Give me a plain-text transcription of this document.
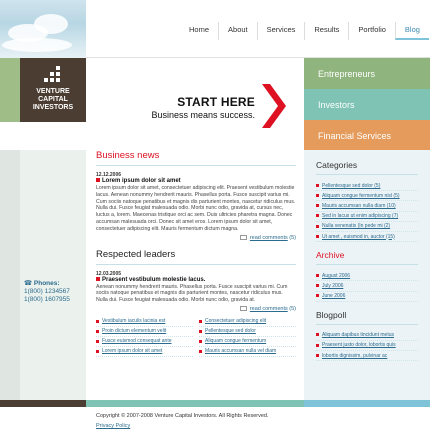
VENTURE CAPITAL INVESTORS
Home	About	Services	Results	Portfolio	Blog
START HERE
Business means success.
Entrepreneurs
Investors
Financial Services
☎ Phones:
1(800) 1234567
1(800) 1607955
Business news
12.12.2006
Lorem ipsum dolor sit amet
Lorem ipsum dolor sit amet, consectetuer adipiscing elit. Praesent vestibulum molestie lacus. Aenean nonummy hendrerit mauris. Phasellus porta. Fusce suscipit varius mi. Cum sociis natoque penatibus et magnis dis parturient montes, nascetur ridiculus mus. Nulla dui. Fusce feugiat malesuada odio. Morbi nunc odio, gravida at, cursus nec, luctus a, lorem. Maecenas tristique orci ac sem. Duis ultricies pharetra magna. Donec accumsan malesuada orci. Donec sit amet eros. Lorem ipsum dolor sit amet, consectetuer adipiscing elit. Mauris fermentum dictum magna.
read comments (5)
Respected leaders
12.03.2005
Praesent vestibulum molestie lacus.
Aenean nonummy hendrerit mauris. Phasellus porta. Fusce suscipit varius mi. Cum sociis natoque penatibus et magnis dis parturient montes, nascetur ridiculus mus. Nulla dui. Fusce feugiat malesuada odio. Morbi nunc odio, gravida at.
read comments (5)
Vestibulum iaculis lacinia est
Proin dictum elementum velit
Fusce euismod consequat ante
Lorem ipsum dolor sit amet
Consectetuer adipiscing elit
Pellentesque sed dolor
Aliquam congue fermentum
Mauris accumsan nulla vel diam
Categories
Pellentesque sed dolor (5)
Aliquam congue fermentum nisl (5)
Mauris accumsan nulla diam (10)
Sed in lacus ut enim adipiscing (7)
Nulla venenatis (In pede mi (2)
Ut amet , euismod in, auctor (15)
Archive
August 2006
July 2006
June 2006
Blogpoll
Aliquam dapibus tincidunt metus
Praesent justo dolor, lobortis quis
lobortis dignissim, pulvinar ac
Copyright © 2007-2008 Venture Capital Investors. All Rights Reserved.
Privacy Policy
